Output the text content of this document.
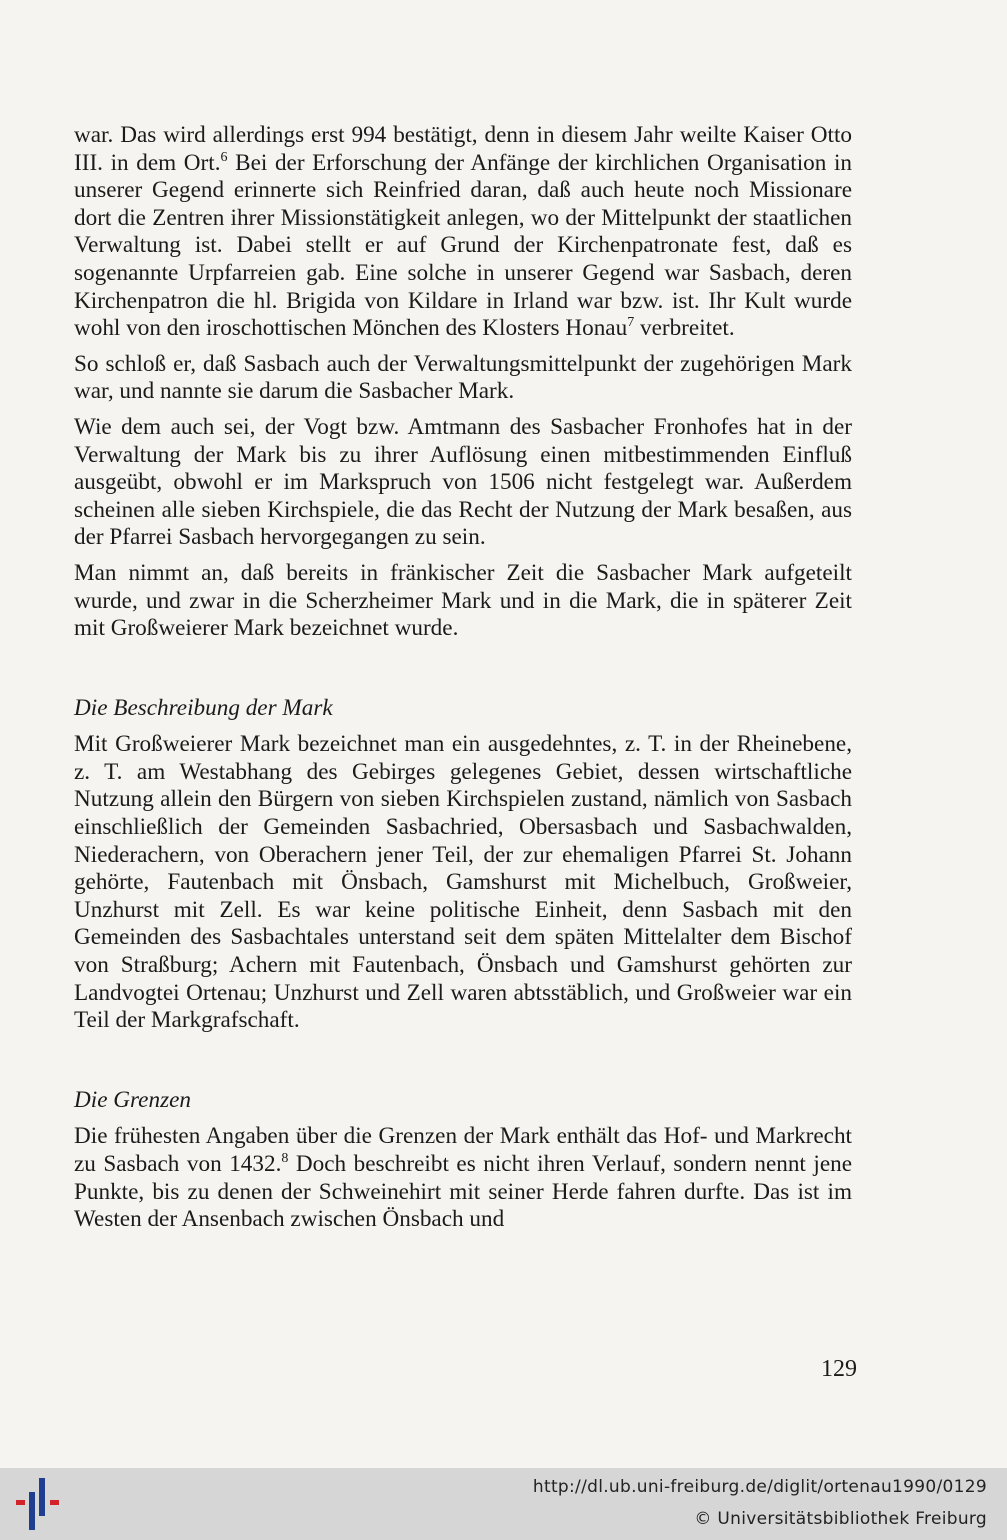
war. Das wird allerdings erst 994 bestätigt, denn in diesem Jahr weilte Kaiser Otto III. in dem Ort.$^6$ Bei der Erforschung der Anfänge der kirchlichen Organisation in unserer Gegend erinnerte sich Reinfried daran, daß auch heute noch Missionare dort die Zentren ihrer Missionstätigkeit anlegen, wo der Mittelpunkt der staatlichen Verwaltung ist. Dabei stellt er auf Grund der Kirchenpatronate fest, daß es sogenannte Urpfarreien gab. Eine solche in unserer Gegend war Sasbach, deren Kirchenpatron die hl. Brigida von Kildare in Irland war bzw. ist. Ihr Kult wurde wohl von den iroschottischen Mönchen des Klosters Honau$^7$ verbreitet.

So schloß er, daß Sasbach auch der Verwaltungsmittelpunkt der zugehörigen Mark war, und nannte sie darum die Sasbacher Mark.

Wie dem auch sei, der Vogt bzw. Amtmann des Sasbacher Fronhofes hat in der Verwaltung der Mark bis zu ihrer Auflösung einen mitbestimmenden Einfluß ausgeübt, obwohl er im Markspruch von 1506 nicht festgelegt war. Außerdem scheinen alle sieben Kirchspiele, die das Recht der Nutzung der Mark besaßen, aus der Pfarrei Sasbach hervorgegangen zu sein.

Man nimmt an, daß bereits in fränkischer Zeit die Sasbacher Mark aufgeteilt wurde, und zwar in die Scherzheimer Mark und in die Mark, die in späterer Zeit mit Großweierer Mark bezeichnet wurde.

Die Beschreibung der Mark

Mit Großweierer Mark bezeichnet man ein ausgedehntes, z. T. in der Rheinebene, z. T. am Westabhang des Gebirges gelegenes Gebiet, dessen wirtschaftliche Nutzung allein den Bürgern von sieben Kirchspielen zustand, nämlich von Sasbach einschließlich der Gemeinden Sasbachried, Obersasbach und Sasbachwalden, Niederachern, von Oberachern jener Teil, der zur ehemaligen Pfarrei St. Johann gehörte, Fautenbach mit Önsbach, Gamshurst mit Michelbuch, Großweier, Unzhurst mit Zell. Es war keine politische Einheit, denn Sasbach mit den Gemeinden des Sasbachtales unterstand seit dem späten Mittelalter dem Bischof von Straßburg; Achern mit Fautenbach, Önsbach und Gamshurst gehörten zur Landvogtei Ortenau; Unzhurst und Zell waren abtsstäblich, und Großweier war ein Teil der Markgrafschaft.

Die Grenzen

Die frühesten Angaben über die Grenzen der Mark enthält das Hof- und Markrecht zu Sasbach von 1432.$^8$ Doch beschreibt es nicht ihren Verlauf, sondern nennt jene Punkte, bis zu denen der Schweinehirt mit seiner Herde fahren durfte. Das ist im Westen der Ansenbach zwischen Önsbach und

129
http://dl.ub.uni-freiburg.de/diglit/ortenau1990/0129
© Universitätsbibliothek Freiburg
